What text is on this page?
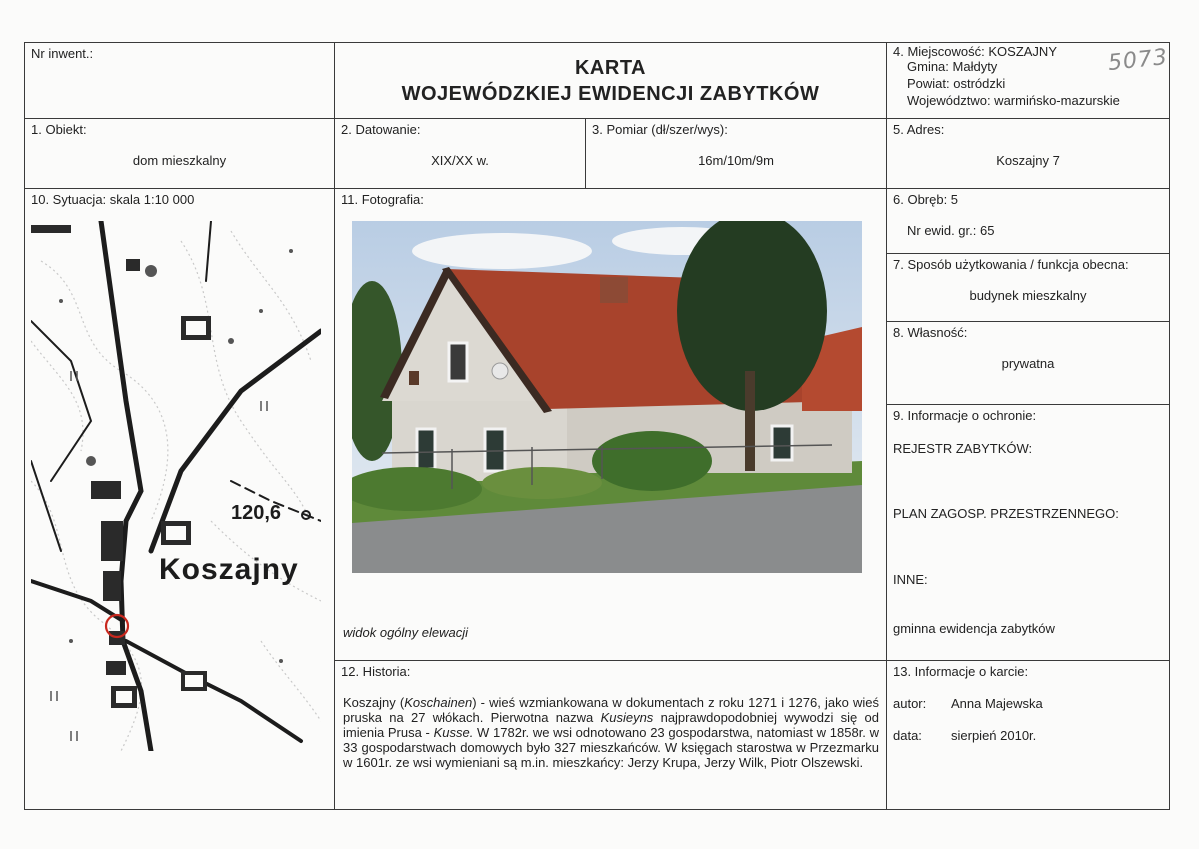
Nr inwent.:
KARTA
WOJEWÓDZKIEJ EWIDENCJI ZABYTKÓW
4. Miejscowość: KOSZAJNY
Gmina: Małdyty
Powiat: ostródzki
Województwo: warmińsko-mazurskie
5073
1. Obiekt:
dom mieszkalny
2. Datowanie:
XIX/XX w.
3. Pomiar (dł/szer/wys):
16m/10m/9m
5. Adres:
Koszajny 7
10. Sytuacja: skala 1:10 000
120,6
Koszajny
11. Fotografia:
widok ogólny elewacji
6. Obręb: 5
Nr ewid. gr.: 65
7. Sposób użytkowania / funkcja obecna:
budynek mieszkalny
8. Własność:
prywatna
9. Informacje o ochronie:
REJESTR ZABYTKÓW:
PLAN ZAGOSP. PRZESTRZENNEGO:
INNE:
gminna ewidencja zabytków
12. Historia:
Koszajny (Koschainen) - wieś wzmiankowana w dokumentach z roku 1271 i 1276, jako wieś pruska na 27 włókach. Pierwotna nazwa Kusieyns najprawdopodobniej wywodzi się od imienia Prusa - Kusse. W 1782r. we wsi odnotowano 23 gospodarstwa, natomiast w 1858r. w 33 gospodarstwach domowych było 327 mieszkańców. W księgach starostwa w Przezmarku w 1601r. ze wsi wymieniani są m.in. mieszkańcy: Jerzy Krupa, Jerzy Wilk, Piotr Olszewski.
13. Informacje o karcie:
autor: Anna Majewska
data: sierpień 2010r.
